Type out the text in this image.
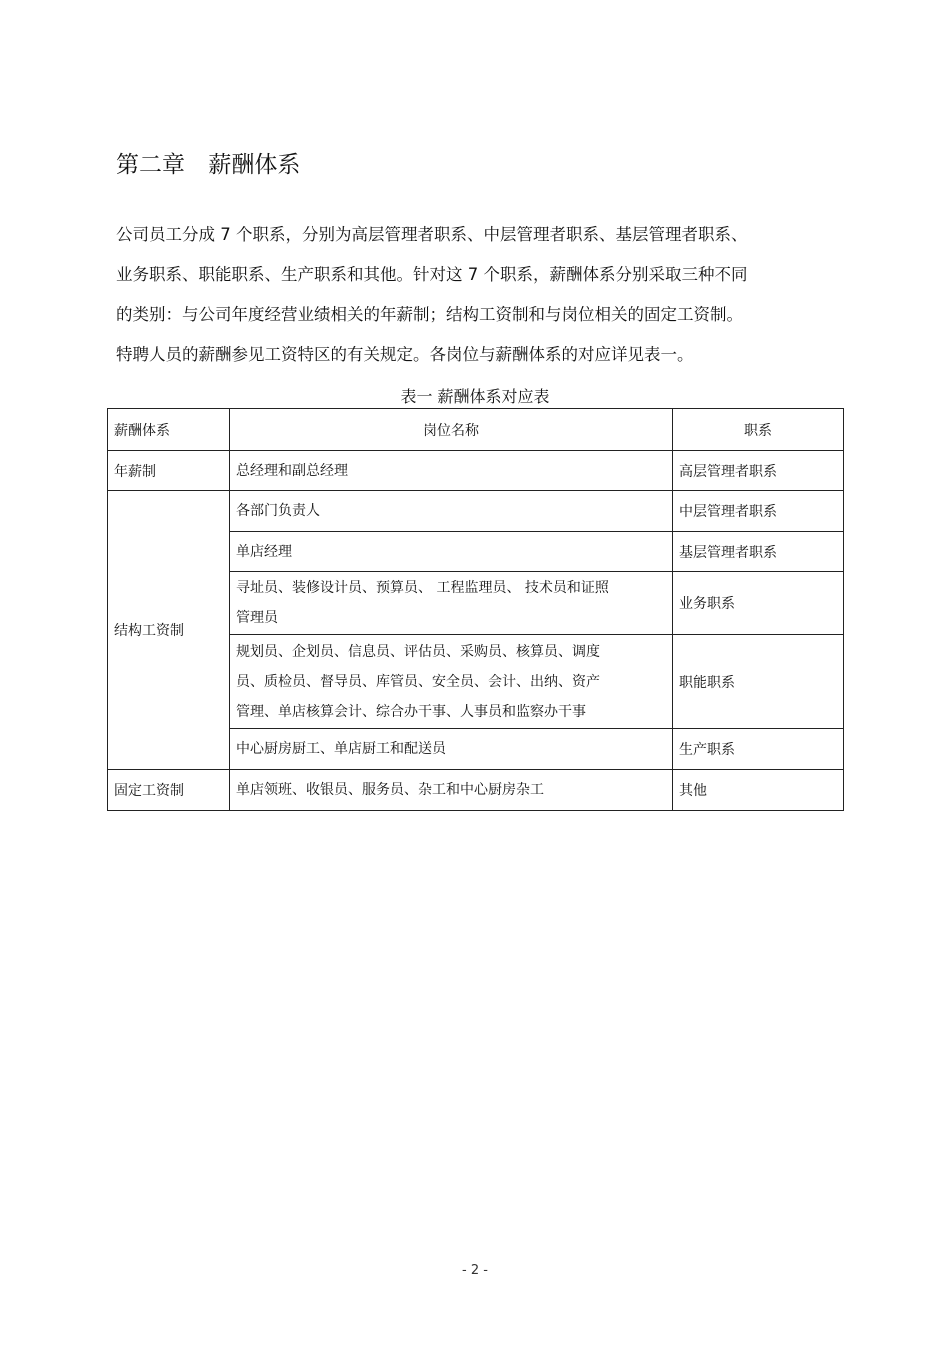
第二章 薪酬体系
公司员工分成 7 个职系，分别为高层管理者职系、中层管理者职系、基层管理者职系、
业务职系、职能职系、生产职系和其他。针对这 7 个职系，薪酬体系分别采取三种不同
的类别：与公司年度经营业绩相关的年薪制；结构工资制和与岗位相关的固定工资制。
特聘人员的薪酬参见工资特区的有关规定。各岗位与薪酬体系的对应详见表一。
表一 薪酬体系对应表
薪酬体系	岗位名称	职系
年薪制	总经理和副总经理	高层管理者职系
结构工资制	各部门负责人	中层管理者职系

	单店经理	基层管理者职系

	寻址员、装修设计员、预算员、 工程监理员、 技术员和证照
管理员	业务职系

	规划员、企划员、信息员、评估员、采购员、核算员、调度
员、质检员、督导员、库管员、安全员、会计、出纳、资产
管理、单店核算会计、综合办干事、人事员和监察办干事	职能职系

	中心厨房厨工、单店厨工和配送员	生产职系
固定工资制	单店领班、收银员、服务员、杂工和中心厨房杂工	其他
- 2 -
